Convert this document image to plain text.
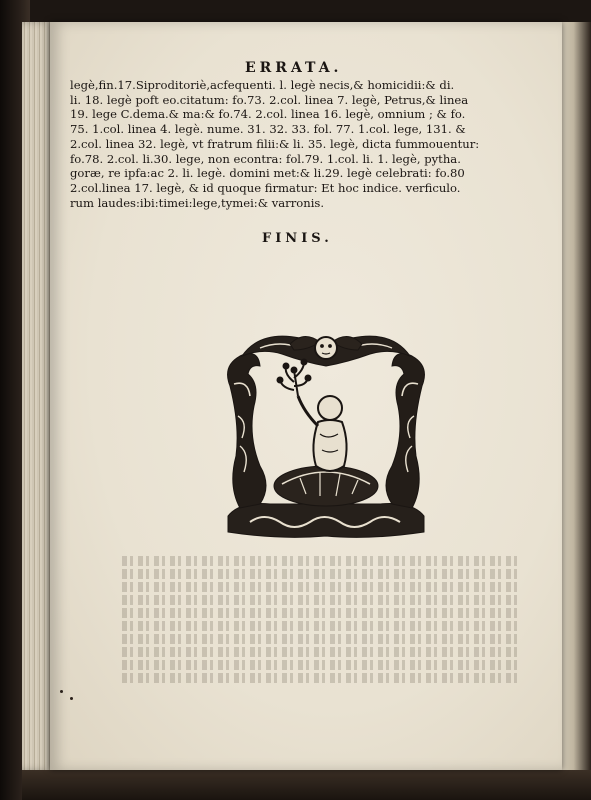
ERRATA.

legè,fin.17.Siproditoriè,acfequenti. l. legè necis,& homicidii:& di.
li. 18. legè poft eo.citatum: fo.73. 2.col. linea 7. legè, Petrus,& linea
19. lege C.dema.& ma:& fo.74. 2.col. linea 16. legè, omnium ; & fo.
75. 1.col. linea 4. legè. nume. 31. 32. 33. fol. 77. 1.col. lege, 131. &
2.col. linea 32. legè, vt fratrum filii:& li. 35. legè, dicta fummouentur:
fo.78. 2.col. li.30. lege, non econtra: fol.79. 1.col. li. 1. legè, pytha.
goræ, re ipfa:ac 2. li. legè. domini met:& li.29. legè celebrati: fo.80
2.col.linea 17. legè, & id quoque firmatur: Et hoc indice. verficulo.
rum laudes:ibi:timei:lege,tymei:& varronis.

FINIS.
